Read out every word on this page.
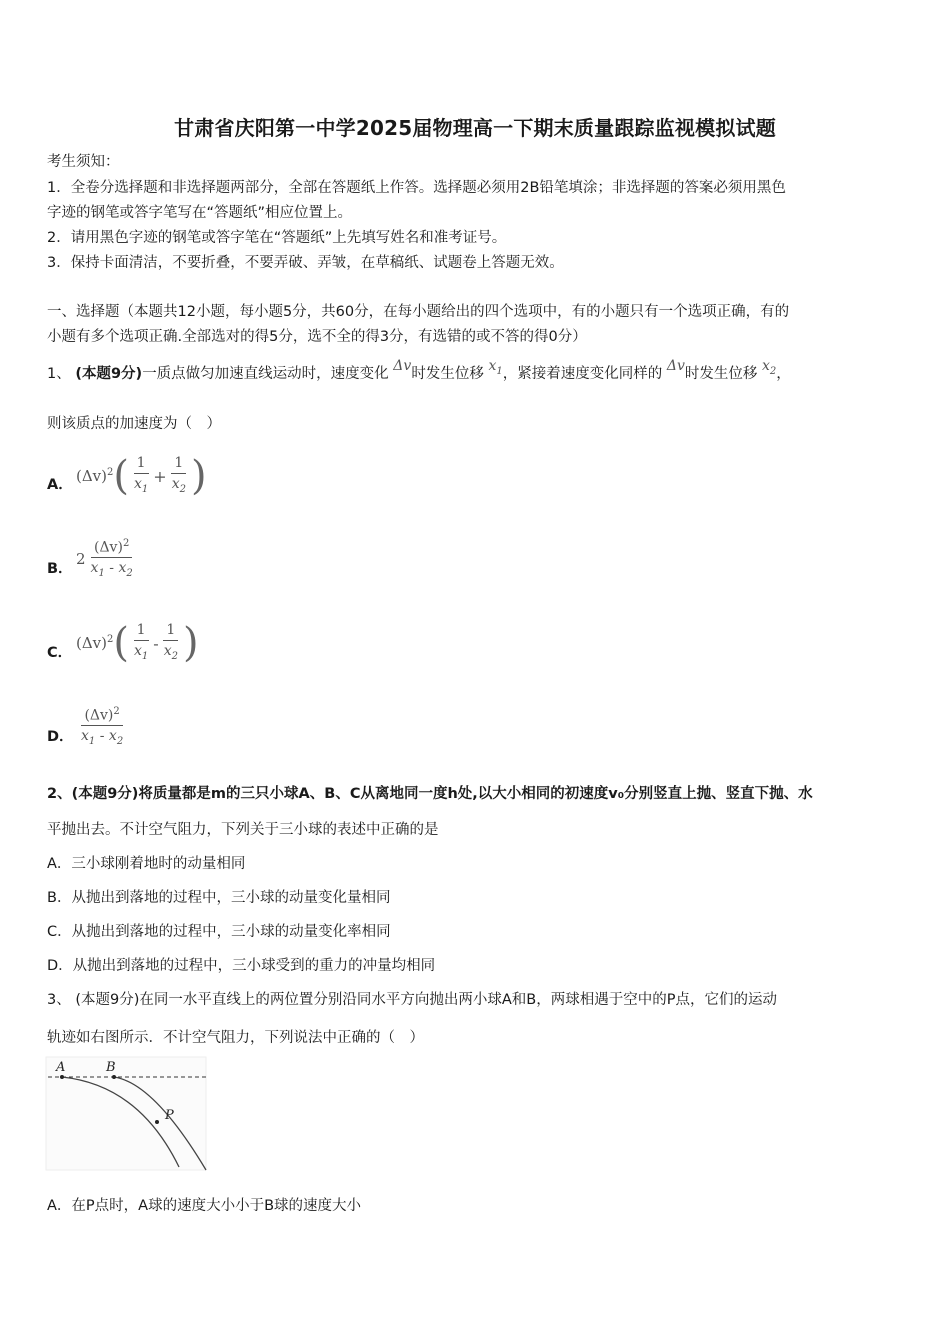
甘肃省庆阳第一中学2025届物理高一下期末质量跟踪监视模拟试题
考生须知：
1．全卷分选择题和非选择题两部分，全部在答题纸上作答。选择题必须用2B铅笔填涂；非选择题的答案必须用黑色
字迹的钢笔或答字笔写在“答题纸”相应位置上。
2．请用黑色字迹的钢笔或答字笔在“答题纸”上先填写姓名和准考证号。
3．保持卡面清洁，不要折叠，不要弄破、弄皱，在草稿纸、试题卷上答题无效。
一、选择题（本题共12小题，每小题5分，共60分，在每小题给出的四个选项中，有的小题只有一个选项正确，有的
小题有多个选项正确.全部选对的得5分，选不全的得3分，有选错的或不答的得0分）
1、 (本题9分)一质点做匀加速直线运动时，速度变化 Δv时发生位移 $x_1$，紧接着速度变化同样的 Δv时发生位移 $x_2$，
则该质点的加速度为（　）
A． $(\Delta v)^2$ ( $\frac{1}{x_1} + \frac{1}{x_2}$ )
B．
$2 \frac{(\Delta v)^2}{x_1 - x_2}$
C．
$(\Delta v)^2$ ( $\frac{1}{x_1} - \frac{1}{x_2}$ )
D． $\frac{(\Delta v)^2}{x_1 - x_2}$
2、(本题9分)将质量都是m的三只小球A、B、C从离地同一度h处,以大小相同的初速度v₀分别竖直上抛、竖直下抛、水
平抛出去。不计空气阻力，下列关于三小球的表述中正确的是
A．三小球刚着地时的动量相同
B．从抛出到落地的过程中，三小球的动量变化量相同
C．从抛出到落地的过程中，三小球的动量变化率相同
D．从抛出到落地的过程中，三小球受到的重力的冲量均相同
3、 (本题9分)在同一水平直线上的两位置分别沿同水平方向抛出两小球A和B，两球相遇于空中的P点，它们的运动
轨迹如右图所示．不计空气阻力，下列说法中正确的（　）
A	B
P
A．在P点时，A球的速度大小小于B球的速度大小
